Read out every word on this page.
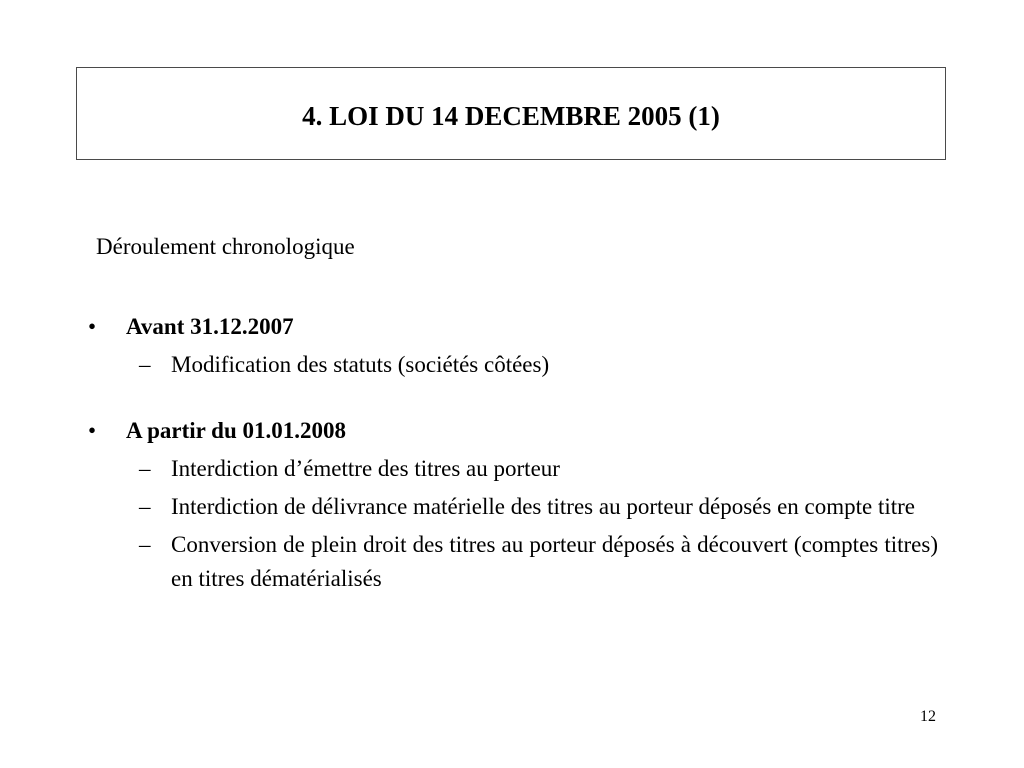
4. LOI DU 14 DECEMBRE 2005 (1)
Déroulement chronologique
•	Avant 31.12.2007
– Modification des statuts (sociétés côtées)
•	A partir du 01.01.2008
– Interdiction d’émettre des titres au porteur
– Interdiction de délivrance matérielle des titres au porteur déposés en compte titre
– Conversion de plein droit des titres au porteur déposés à découvert (comptes titres) en titres dématérialisés
12
